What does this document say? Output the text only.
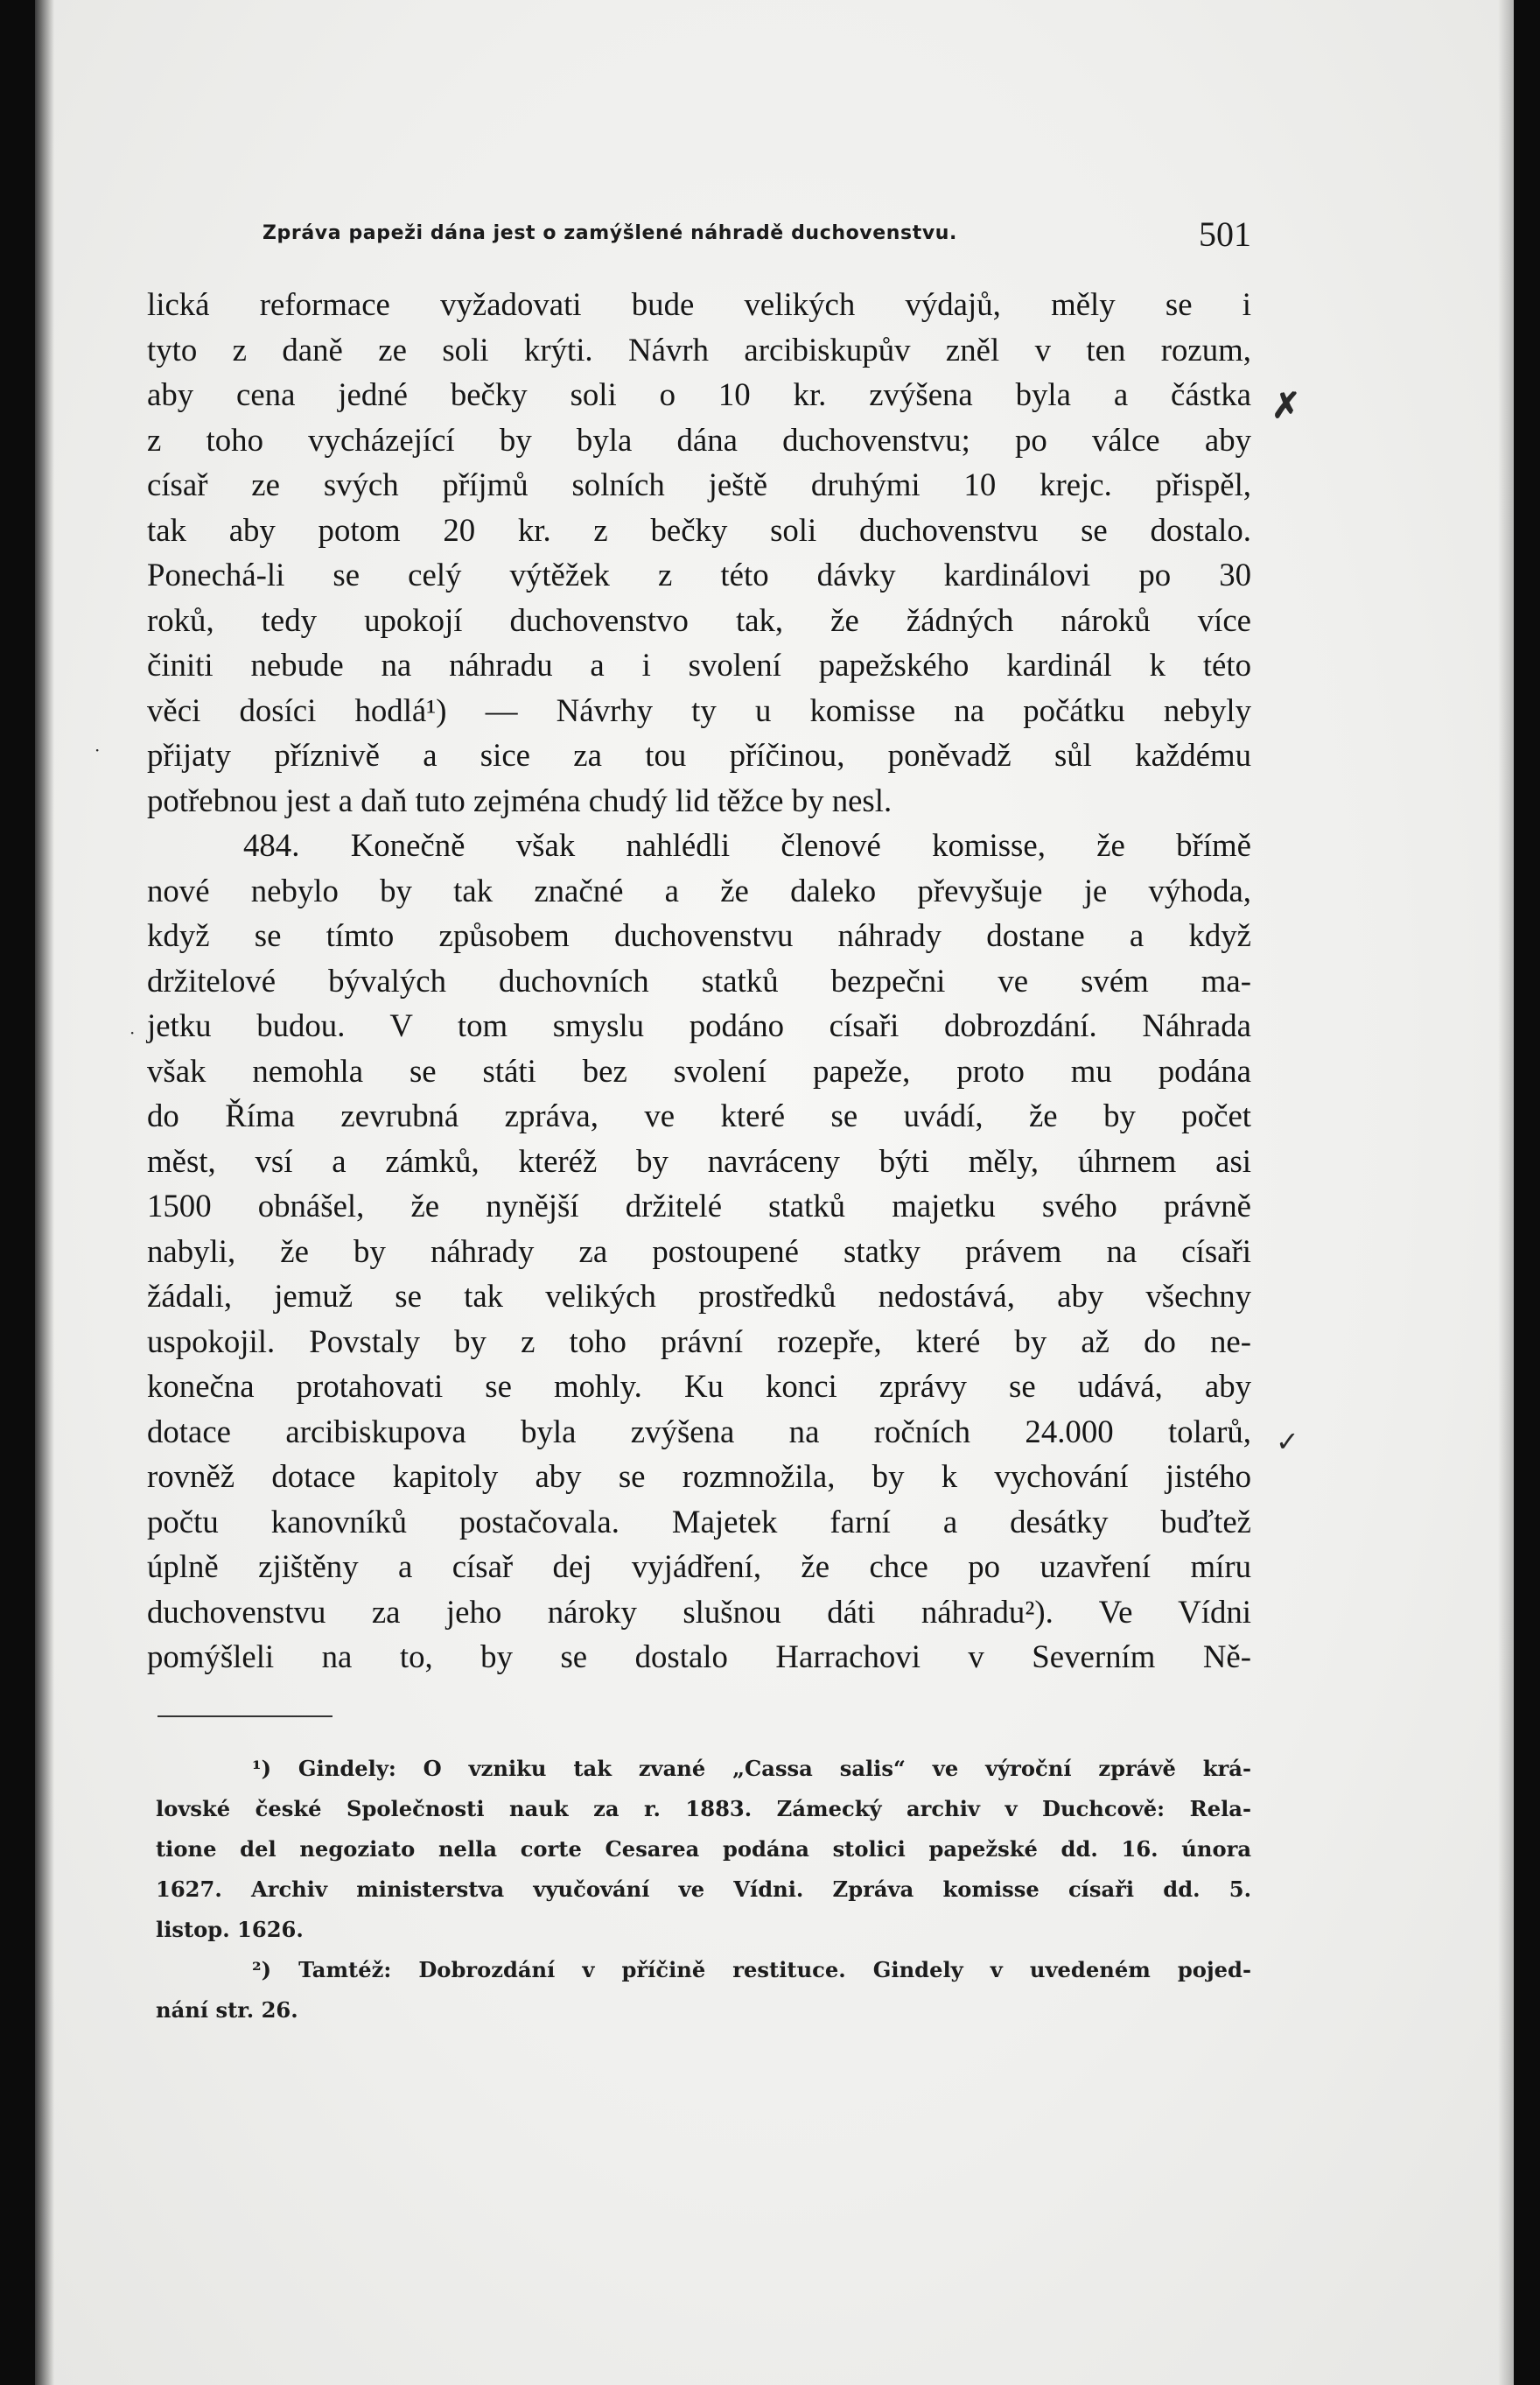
Zpráva papeži dána jest o zamýšlené náhradě duchovenstvu.	501
lická reformace vyžadovati bude velikých výdajů, měly se i
tyto z daně ze soli krýti. Návrh arcibiskupův zněl v ten rozum,
aby cena jedné bečky soli o 10 kr. zvýšena byla a částka
z toho vycházející by byla dána duchovenstvu; po válce aby
císař ze svých příjmů solních ještě druhými 10 krejc. přispěl,
tak aby potom 20 kr. z bečky soli duchovenstvu se dostalo.
Ponechá-li se celý výtěžek z této dávky kardinálovi po 30
roků, tedy upokojí duchovenstvo tak, že žádných nároků více
činiti nebude na náhradu a i svolení papežského kardinál k této
věci dosíci hodlá¹) — Návrhy ty u komisse na počátku nebyly
přijaty příznivě a sice za tou příčinou, poněvadž sůl každému
potřebnou jest a daň tuto zejména chudý lid těžce by nesl.
484. Konečně však nahlédli členové komisse, že břímě
nové nebylo by tak značné a že daleko převyšuje je výhoda,
když se tímto způsobem duchovenstvu náhrady dostane a když
držitelové bývalých duchovních statků bezpečni ve svém ma-
jetku budou. V tom smyslu podáno císaři dobrozdání. Náhrada
však nemohla se státi bez svolení papeže, proto mu podána
do Říma zevrubná zpráva, ve které se uvádí, že by počet
měst, vsí a zámků, kteréž by navráceny býti měly, úhrnem asi
1500 obnášel, že nynější držitelé statků majetku svého právně
nabyli, že by náhrady za postoupené statky právem na císaři
žádali, jemuž se tak velikých prostředků nedostává, aby všechny
uspokojil. Povstaly by z toho právní rozepře, které by až do ne-
konečna protahovati se mohly. Ku konci zprávy se udává, aby
dotace arcibiskupova byla zvýšena na ročních 24.000 tolarů,
rovněž dotace kapitoly aby se rozmnožila, by k vychování jistého
počtu kanovníků postačovala. Majetek farní a desátky buďtež
úplně zjištěny a císař dej vyjádření, že chce po uzavření míru
duchovenstvu za jeho nároky slušnou dáti náhradu²). Ve Vídni
pomýšleli na to, by se dostalo Harrachovi v Severním Ně-
¹) Gindely: O vzniku tak zvané „Cassa salis“ ve výroční zprávě krá-
lovské české Společnosti nauk za r. 1883. Zámecký archiv v Duchcově: Rela-
tione del negoziato nella corte Cesarea podána stolici papežské dd. 16. února
1627. Archiv ministerstva vyučování ve Vídni. Zpráva komisse císaři dd. 5.
listop. 1626.
²) Tamtéž: Dobrozdání v příčině restituce. Gindely v uvedeném pojed-
nání str. 26.
✗
✓
·
·
